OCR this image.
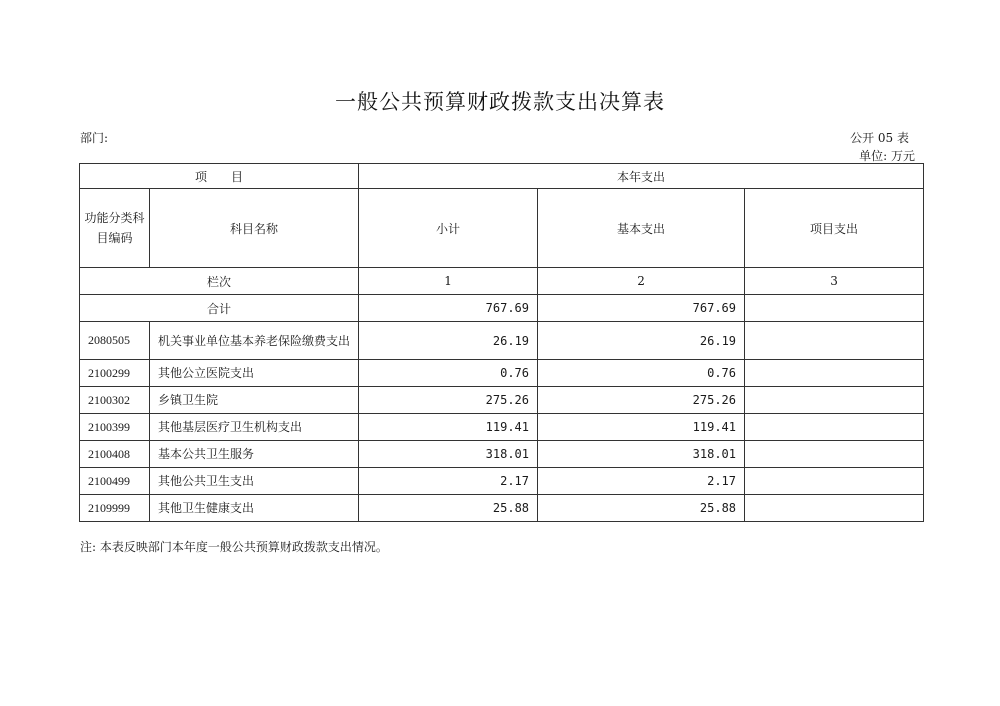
一般公共预算财政拨款支出决算表
部门:	公开 05 表
单位: 万元
项　　目		本年支出		
功能分类科目编码	科目名称	小计	基本支出	项目支出
栏次		1	2	3
合计		767.69	767.69	
2080505	机关事业单位基本养老保险缴费支出	26.19	26.19	
2100299	其他公立医院支出	0.76	0.76	
2100302	乡镇卫生院	275.26	275.26	
2100399	其他基层医疗卫生机构支出	119.41	119.41	
2100408	基本公共卫生服务	318.01	318.01	
2100499	其他公共卫生支出	2.17	2.17	
2109999	其他卫生健康支出	25.88	25.88	
注: 本表反映部门本年度一般公共预算财政拨款支出情况。
